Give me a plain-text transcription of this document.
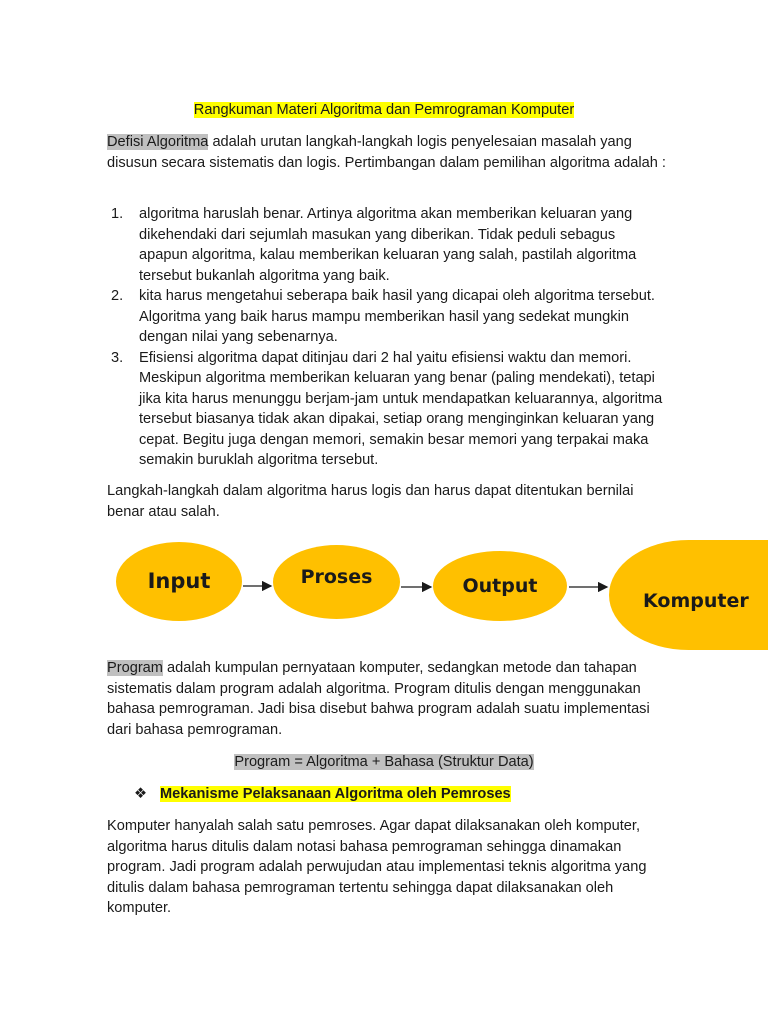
Rangkuman Materi Algoritma dan Pemrograman Komputer
Defisi Algoritma adalah urutan langkah-langkah logis penyelesaian masalah yang disusun secara sistematis dan logis. Pertimbangan dalam pemilihan algoritma adalah :
1. algoritma haruslah benar. Artinya algoritma akan memberikan keluaran yang dikehendaki dari sejumlah masukan yang diberikan. Tidak peduli sebagus apapun algoritma, kalau memberikan keluaran yang salah, pastilah algoritma tersebut bukanlah algoritma yang baik.
2. kita harus mengetahui seberapa baik hasil yang dicapai oleh algoritma tersebut. Algoritma yang baik harus mampu memberikan hasil yang sedekat mungkin dengan nilai yang sebenarnya.
3. Efisiensi algoritma dapat ditinjau dari 2 hal yaitu efisiensi waktu dan memori. Meskipun algoritma memberikan keluaran yang benar (paling mendekati), tetapi jika kita harus menunggu berjam-jam untuk mendapatkan keluarannya, algoritma tersebut biasanya tidak akan dipakai, setiap orang menginginkan keluaran yang cepat. Begitu juga dengan memori, semakin besar memori yang terpakai maka semakin buruklah algoritma tersebut.
Langkah-langkah dalam algoritma harus logis dan harus dapat ditentukan bernilai benar atau salah.
Input	Proses	Output
Komputer
Program adalah kumpulan pernyataan komputer, sedangkan metode dan tahapan sistematis dalam program adalah algoritma. Program ditulis dengan menggunakan bahasa pemrograman. Jadi bisa disebut bahwa program adalah suatu implementasi dari bahasa pemrograman.
Program = Algoritma + Bahasa (Struktur Data)
❖ Mekanisme Pelaksanaan Algoritma oleh Pemroses
Komputer hanyalah salah satu pemroses. Agar dapat dilaksanakan oleh komputer, algoritma harus ditulis dalam notasi bahasa pemrograman sehingga dinamakan program. Jadi program adalah perwujudan atau implementasi teknis algoritma yang ditulis dalam bahasa pemrograman tertentu sehingga dapat dilaksanakan oleh komputer.
